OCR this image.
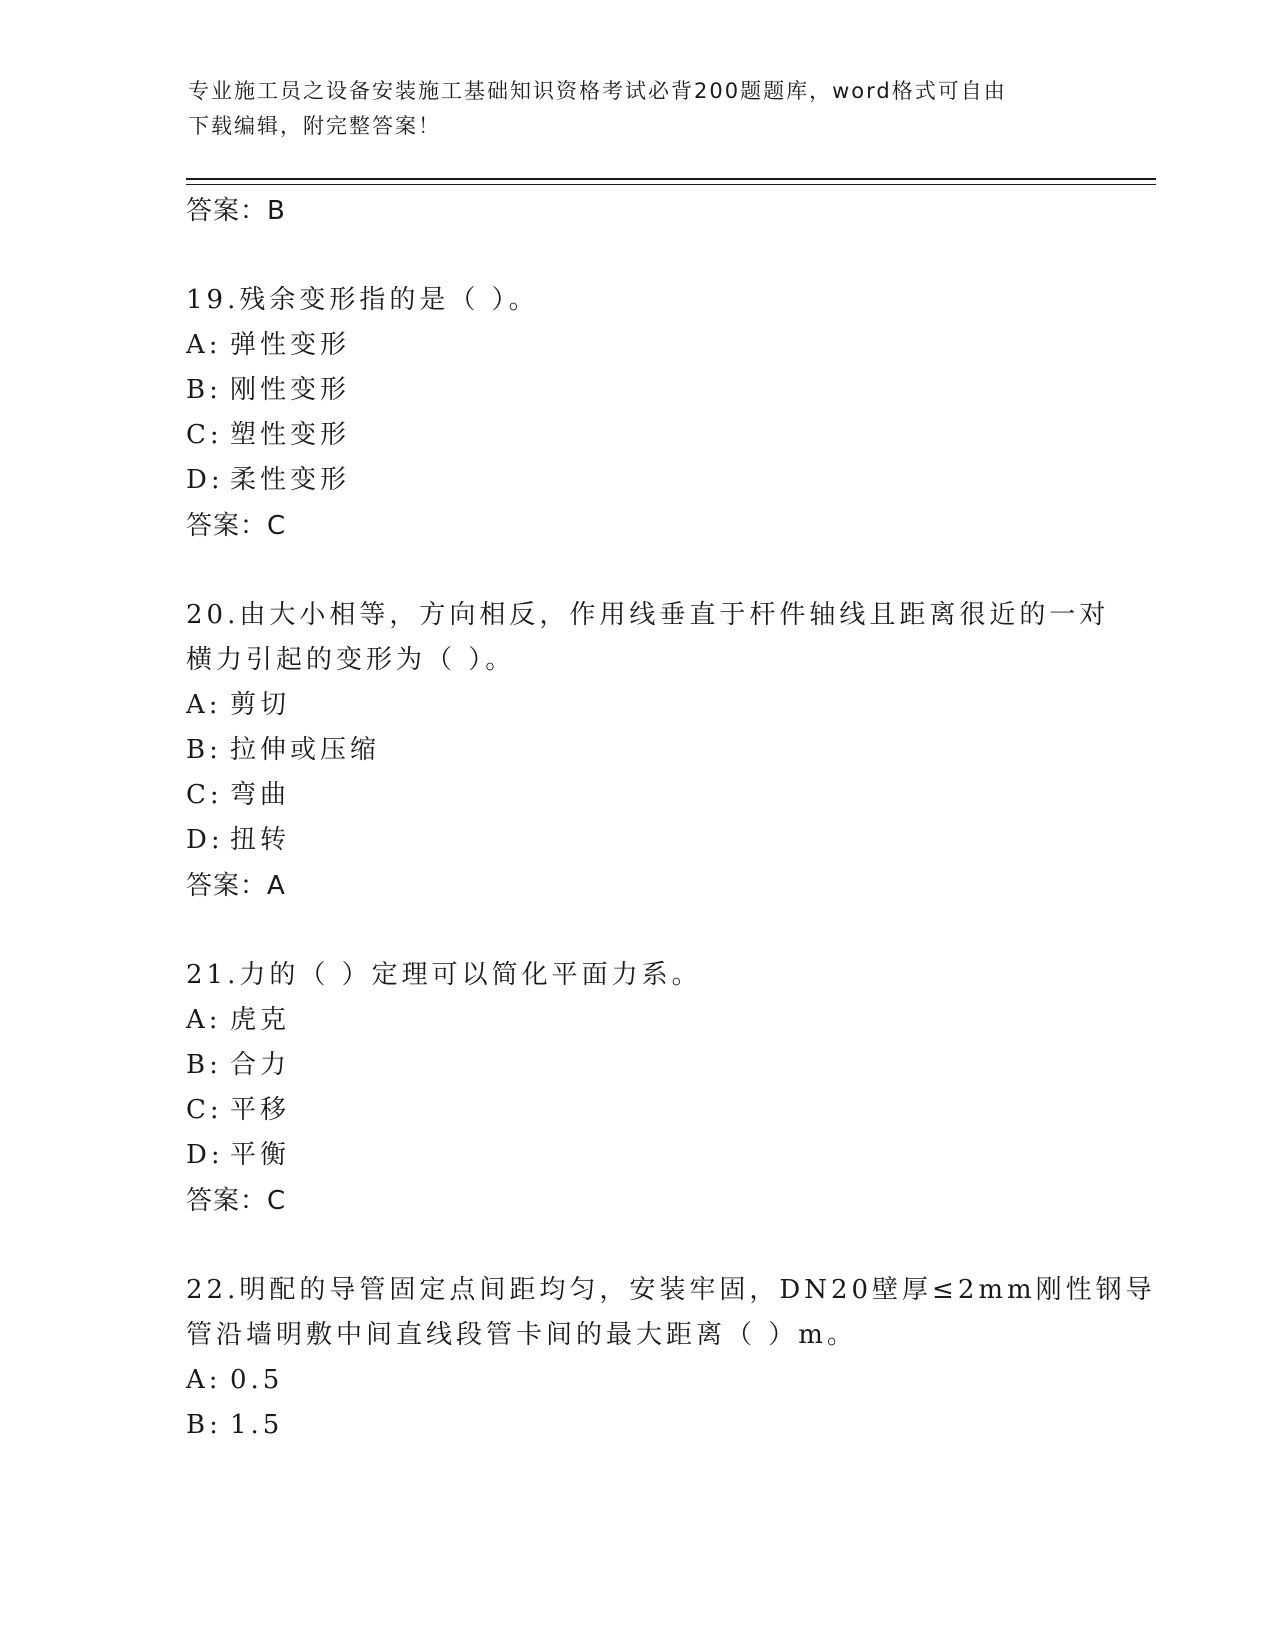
专业施工员之设备安装施工基础知识资格考试必背200题题库，word格式可自由
下载编辑，附完整答案！
答案：B
19.残余变形指的是（ ）。
A: 弹性变形
B: 刚性变形
C: 塑性变形
D: 柔性变形
答案：C
20.由大小相等，方向相反，作用线垂直于杆件轴线且距离很近的一对
横力引起的变形为（ ）。
A: 剪切
B: 拉伸或压缩
C: 弯曲
D: 扭转
答案：A
21.力的（ ）定理可以简化平面力系。
A: 虎克
B: 合力
C: 平移
D: 平衡
答案：C
22.明配的导管固定点间距均匀，安装牢固，DN20壁厚≤2mm刚性钢导
管沿墙明敷中间直线段管卡间的最大距离（ ）m。
A: 0.5
B: 1.5
